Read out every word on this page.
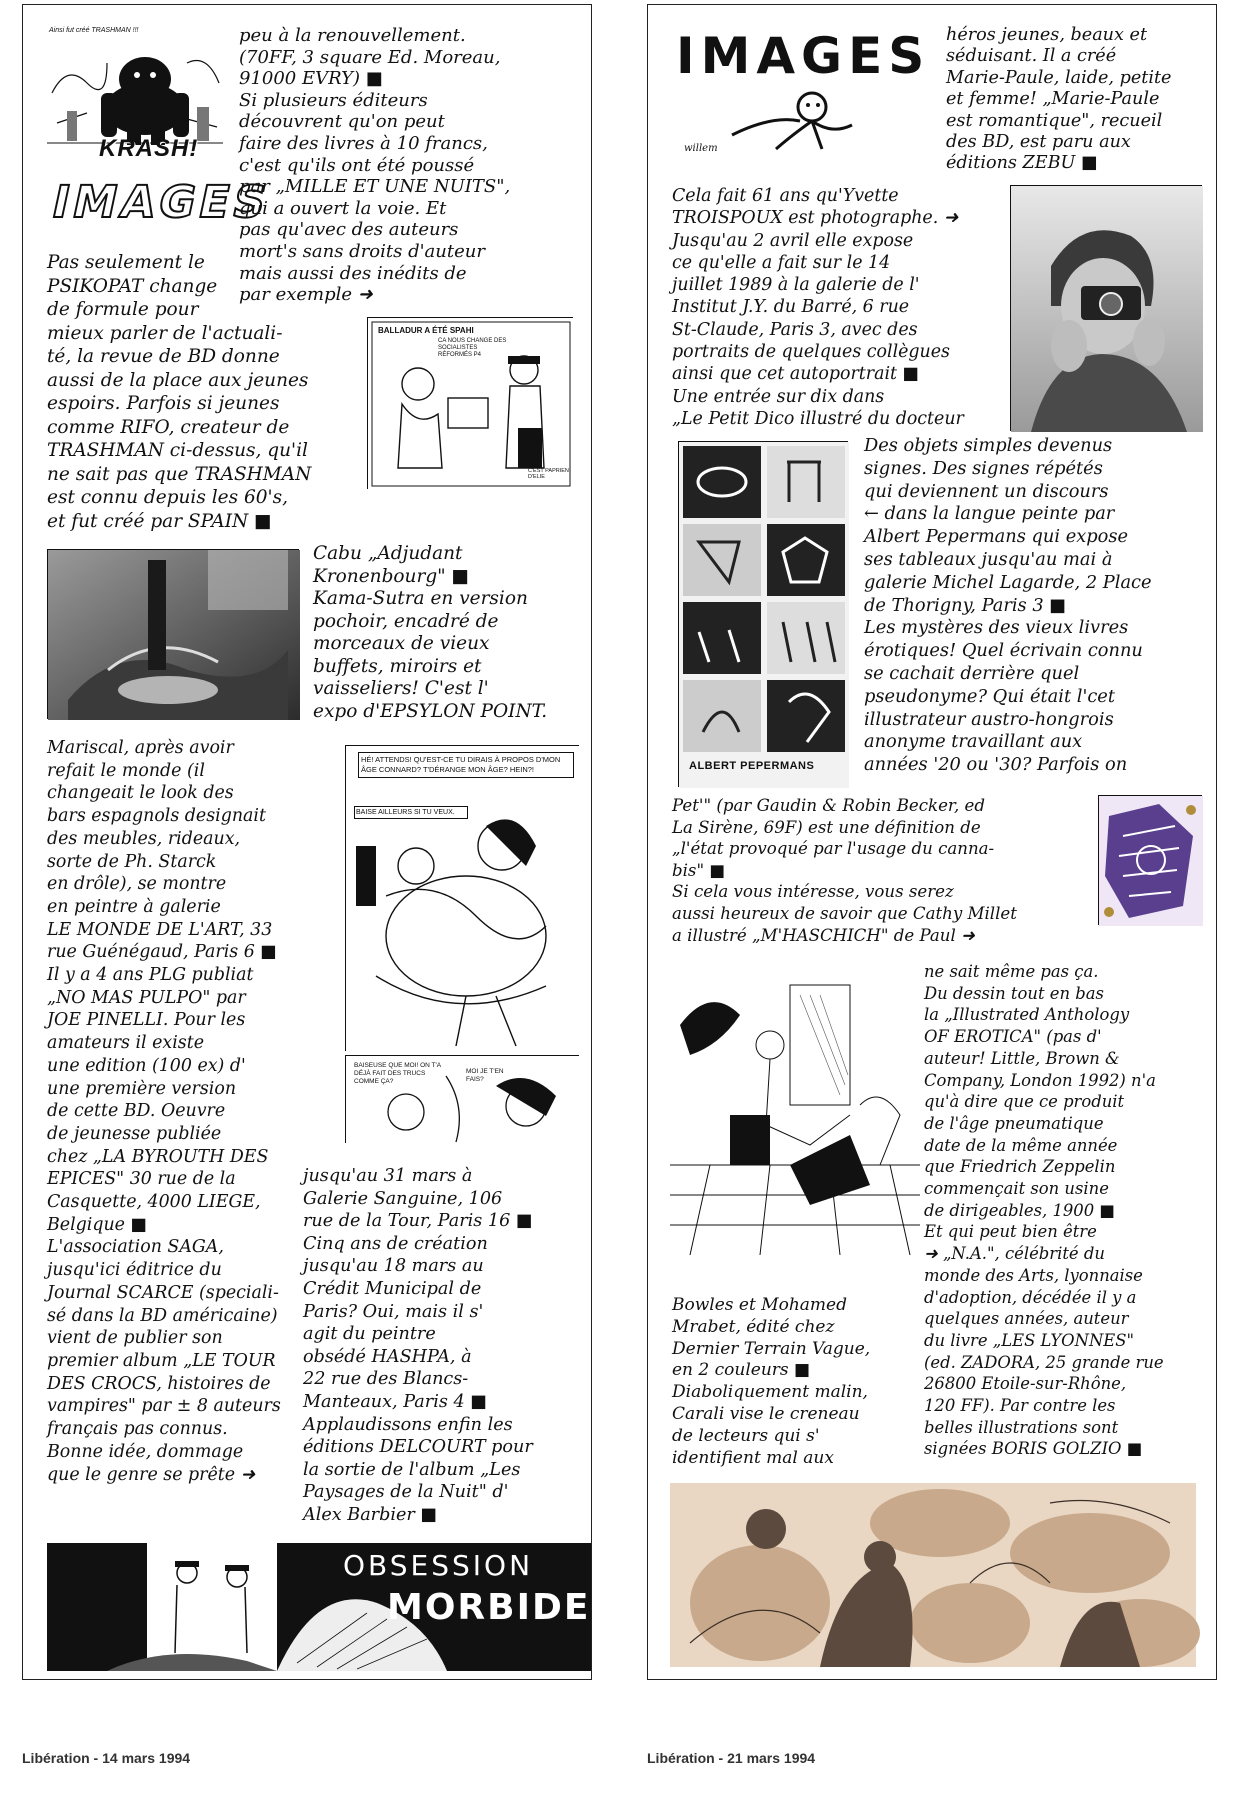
Ainsi fut créé TRASHMAN !!!
KRASH!
IMAGES
peu à la renouvellement.
(70FF, 3 square Ed. Moreau,
91000 EVRY) ■
Si plusieurs éditeurs
découvrent qu'on peut
faire des livres à 10 francs,
c'est qu'ils ont été poussé
par „MILLE ET UNE NUITS",
qui a ouvert la voie. Et
pas qu'avec des auteurs
mort's sans droits d'auteur
mais aussi des inédits de
par exemple ➜
Pas seulement le
PSIKOPAT change
de formule pour
mieux parler de l'actuali-
té, la revue de BD donne
aussi de la place aux jeunes
espoirs. Parfois si jeunes
comme RIFO, createur de
TRASHMAN ci-dessus, qu'il
ne sait pas que TRASHMAN
est connu depuis les 60's,
et fut créé par SPAIN ■
BALLADUR A ÉTÉ SPAHI
CA NOUS CHANGE DES SOCIALISTES RÉFORMÉS P4
C'EST PAPRIEN D'ELIE
Cabu „Adjudant
Kronenbourg" ■
Kama-Sutra en version
pochoir, encadré de
morceaux de vieux
buffets, miroirs et
vaisseliers! C'est l'
expo d'EPSYLON POINT.
Mariscal, après avoir
refait le monde (il
changeait le look des
bars espagnols designait
des meubles, rideaux,
sorte de Ph. Starck
en drôle), se montre
en peintre à galerie
LE MONDE DE L'ART, 33
rue Guénégaud, Paris 6 ■
Il y a 4 ans PLG publiat
„NO MAS PULPO" par
JOE PINELLI. Pour les
amateurs il existe
une edition (100 ex) d'
une première version
de cette BD. Oeuvre
de jeunesse publiée
chez „LA BYROUTH DES
EPICES" 30 rue de la
Casquette, 4000 LIEGE,
Belgique ■
L'association SAGA,
jusqu'ici éditrice du
Journal SCARCE (speciali-
sé dans la BD américaine)
vient de publier son
premier album „LE TOUR
DES CROCS, histoires de
vampires" par ± 8 auteurs
français pas connus.
Bonne idée, dommage
que le genre se prête ➜
HÉ! ATTENDS! QU'EST-CE TU DIRAIS À PROPOS D'MON ÂGE CONNARD? T'DÉRANGE MON ÂGE? HEIN?!
BAISE AILLEURS SI TU VEUX.
BAISEUSE QUE MOI! ON T'A DÉJÀ FAIT DES TRUCS COMME ÇA?
MOI JE T'EN FAIS?
jusqu'au 31 mars à
Galerie Sanguine, 106
rue de la Tour, Paris 16 ■
Cinq ans de création
jusqu'au 18 mars au
Crédit Municipal de
Paris? Oui, mais il s'
agit du peintre
obsédé HASHPA, à
22 rue des Blancs-
Manteaux, Paris 4 ■
Applaudissons enfin les
éditions DELCOURT pour
la sortie de l'album „Les
Paysages de la Nuit" d'
Alex Barbier ■
OBSESSION
MORBIDE
Libération - 14 mars 1994
IMAGES
willem
héros jeunes, beaux et
séduisant. Il a créé
Marie-Paule, laide, petite
et femme! „Marie-Paule
est romantique", recueil
des BD, est paru aux
éditions ZEBU ■
Cela fait 61 ans qu'Yvette
TROISPOUX est photographe. ➜
Jusqu'au 2 avril elle expose
ce qu'elle a fait sur le 14
juillet 1989 à la galerie de l'
Institut J.Y. du Barré, 6 rue
St-Claude, Paris 3, avec des
portraits de quelques collègues
ainsi que cet autoportrait ■
Une entrée sur dix dans
„Le Petit Dico illustré du docteur
ALBERT PEPERMANS
Des objets simples devenus
signes. Des signes répétés
qui deviennent un discours
← dans la langue peinte par
Albert Pepermans qui expose
ses tableaux jusqu'au mai à
galerie Michel Lagarde, 2 Place
de Thorigny, Paris 3 ■
Les mystères des vieux livres
érotiques! Quel écrivain connu
se cachait derrière quel
pseudonyme? Qui était l'cet
illustrateur austro-hongrois
anonyme travaillant aux
années '20 ou '30? Parfois on
Pet'" (par Gaudin & Robin Becker, ed
La Sirène, 69F) est une définition de
„l'état provoqué par l'usage du canna-
bis" ■
Si cela vous intéresse, vous serez
aussi heureux de savoir que Cathy Millet
a illustré „M'HASCHICH" de Paul ➜
ne sait même pas ça.
Du dessin tout en bas
la „Illustrated Anthology
OF EROTICA" (pas d'
auteur! Little, Brown &
Company, London 1992) n'a
qu'à dire que ce produit
de l'âge pneumatique
date de la même année
que Friedrich Zeppelin
commençait son usine
de dirigeables, 1900 ■
Et qui peut bien être
➜ „N.A.", célébrité du
monde des Arts, lyonnaise
d'adoption, décédée il y a
quelques années, auteur
du livre „LES LYONNES"
(ed. ZADORA, 25 grande rue
26800 Etoile-sur-Rhône,
120 FF). Par contre les
belles illustrations sont
signées BORIS GOLZIO ■
Bowles et Mohamed
Mrabet, édité chez
Dernier Terrain Vague,
en 2 couleurs ■
Diaboliquement malin,
Carali vise le creneau
de lecteurs qui s'
identifient mal aux
Libération - 21 mars 1994
